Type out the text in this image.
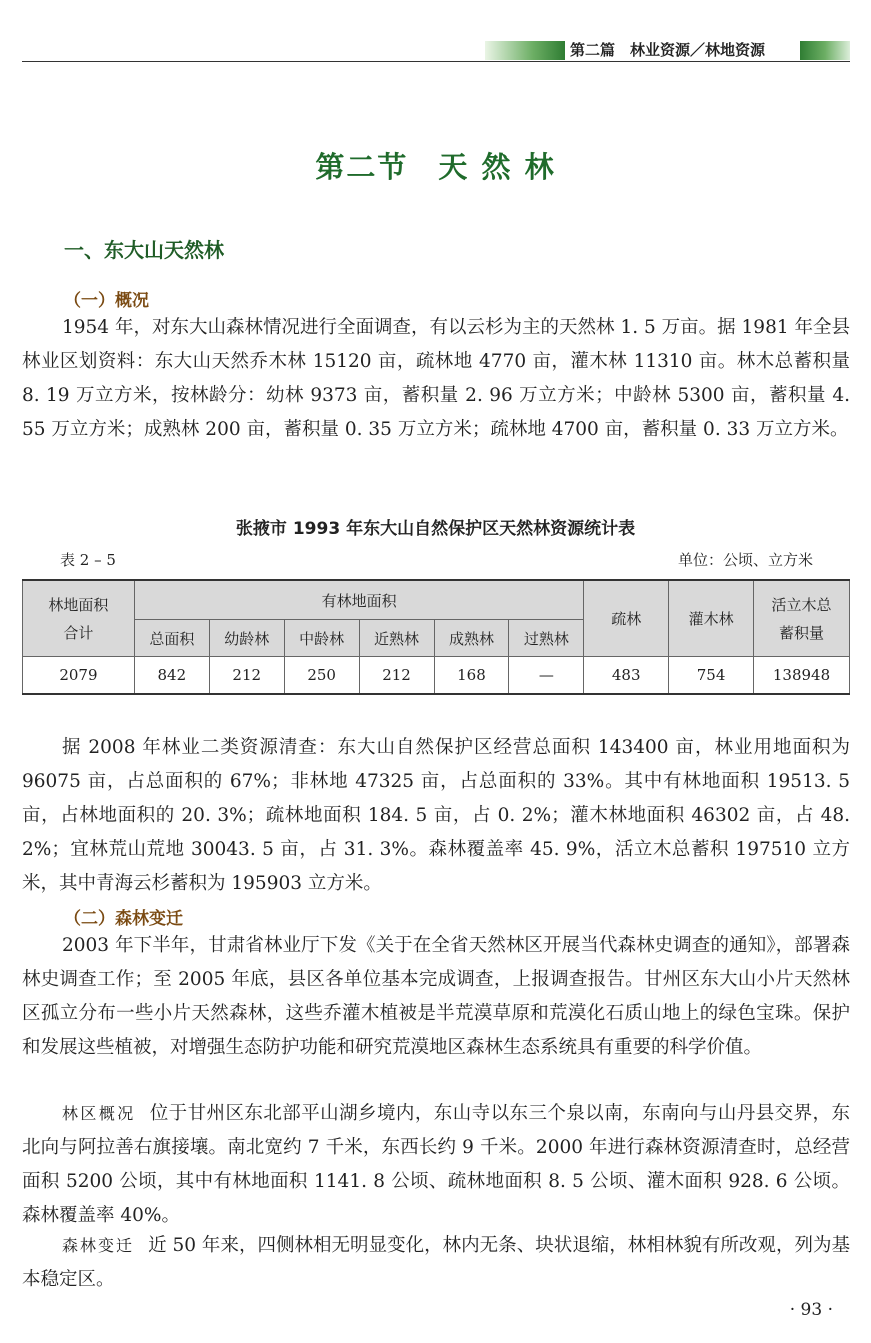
第二篇　林业资源／林地资源
第二节 天 然 林
一、东大山天然林
（一）概况

1954 年，对东大山森林情况进行全面调查，有以云杉为主的天然林 1. 5 万亩。据 1981 年全县林业区划资料：东大山天然乔木林 15120 亩，疏林地 4770 亩，灌木林 11310 亩。林木总蓄积量 8. 19 万立方米，按林龄分：幼林 9373 亩，蓄积量 2. 96 万立方米；中龄林 5300 亩，蓄积量 4. 55 万立方米；成熟林 200 亩，蓄积量 0. 35 万立方米；疏林地 4700 亩，蓄积量 0. 33 万立方米。

张掖市 1993 年东大山自然保护区天然林资源统计表
表 2 – 5	单位：公顷、立方米
林地面积合计	有林地面积						疏林	灌木林	活立木总蓄积量
	总面积	幼龄林	中龄林	近熟林	成熟林	过熟林			
2079	842	212	250	212	168	—	483	754	138948

据 2008 年林业二类资源清查：东大山自然保护区经营总面积 143400 亩，林业用地面积为 96075 亩，占总面积的 67%；非林地 47325 亩，占总面积的 33%。其中有林地面积 19513. 5 亩，占林地面积的 20. 3%；疏林地面积 184. 5 亩，占 0. 2%；灌木林地面积 46302 亩，占 48. 2%；宜林荒山荒地 30043. 5 亩，占 31. 3%。森林覆盖率 45. 9%，活立木总蓄积 197510 立方米，其中青海云杉蓄积为 195903 立方米。

（二）森林变迁

2003 年下半年，甘肃省林业厅下发《关于在全省天然林区开展当代森林史调查的通知》，部署森林史调查工作；至 2005 年底，县区各单位基本完成调查，上报调查报告。甘州区东大山小片天然林区孤立分布一些小片天然森林，这些乔灌木植被是半荒漠草原和荒漠化石质山地上的绿色宝珠。保护和发展这些植被，对增强生态防护功能和研究荒漠地区森林生态系统具有重要的科学价值。

林区概况 位于甘州区东北部平山湖乡境内，东山寺以东三个泉以南，东南向与山丹县交界，东北向与阿拉善右旗接壤。南北宽约 7 千米，东西长约 9 千米。2000 年进行森林资源清查时，总经营面积 5200 公顷，其中有林地面积 1141. 8 公顷、疏林地面积 8. 5 公顷、灌木面积 928. 6 公顷。森林覆盖率 40%。

森林变迁 近 50 年来，四侧林相无明显变化，林内无条、块状退缩，林相林貌有所改观，列为基本稳定区。

· 93 ·
